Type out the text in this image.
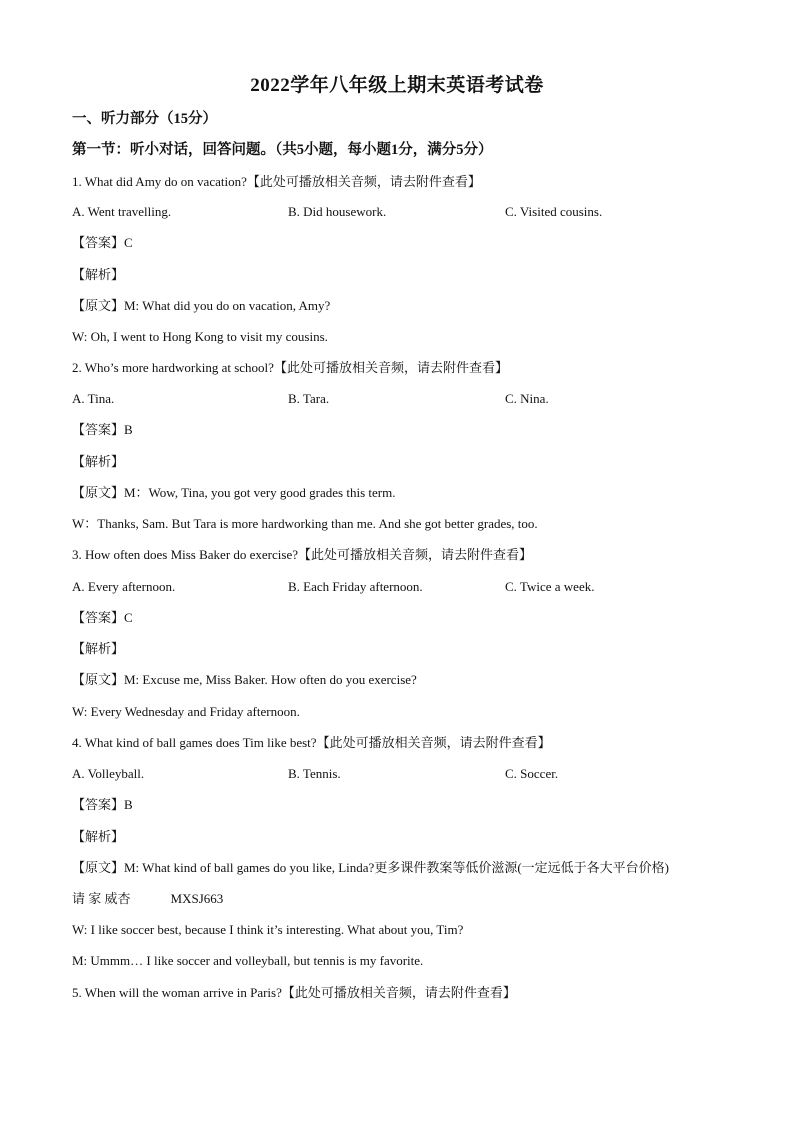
2022学年八年级上期末英语考试卷
一、听力部分（15分）
第一节：听小对话，回答问题。（共5小题，每小题1分，满分5分）
1. What did Amy do on vacation?【此处可播放相关音频，请去附件查看】
A. Went travelling.	B. Did housework.	C. Visited cousins.
【答案】C
【解析】
【原文】M: What did you do on vacation, Amy?
W: Oh, I went to Hong Kong to visit my cousins.
2. Who’s more hardworking at school?【此处可播放相关音频，请去附件查看】
A. Tina.	B. Tara.	C. Nina.
【答案】B
【解析】
【原文】M：Wow, Tina, you got very good grades this term.
W：Thanks, Sam. But Tara is more hardworking than me. And she got better grades, too.
3. How often does Miss Baker do exercise?【此处可播放相关音频，请去附件查看】
A. Every afternoon.	B. Each Friday afternoon.	C. Twice a week.
【答案】C
【解析】
【原文】M: Excuse me, Miss Baker. How often do you exercise?
W: Every Wednesday and Friday afternoon.
4. What kind of ball games does Tim like best?【此处可播放相关音频，请去附件查看】
A. Volleyball.	B. Tennis.	C. Soccer.
【答案】B
【解析】
【原文】M: What kind of ball games do you like, Linda?更多课件教案等低价滋源(一定远低于各大平台价格)
请 家 威杏	MXSJ663
W: I like soccer best, because I think it’s interesting. What about you, Tim?
M: Ummm… I like soccer and volleyball, but tennis is my favorite.
5. When will the woman arrive in Paris?【此处可播放相关音频，请去附件查看】
